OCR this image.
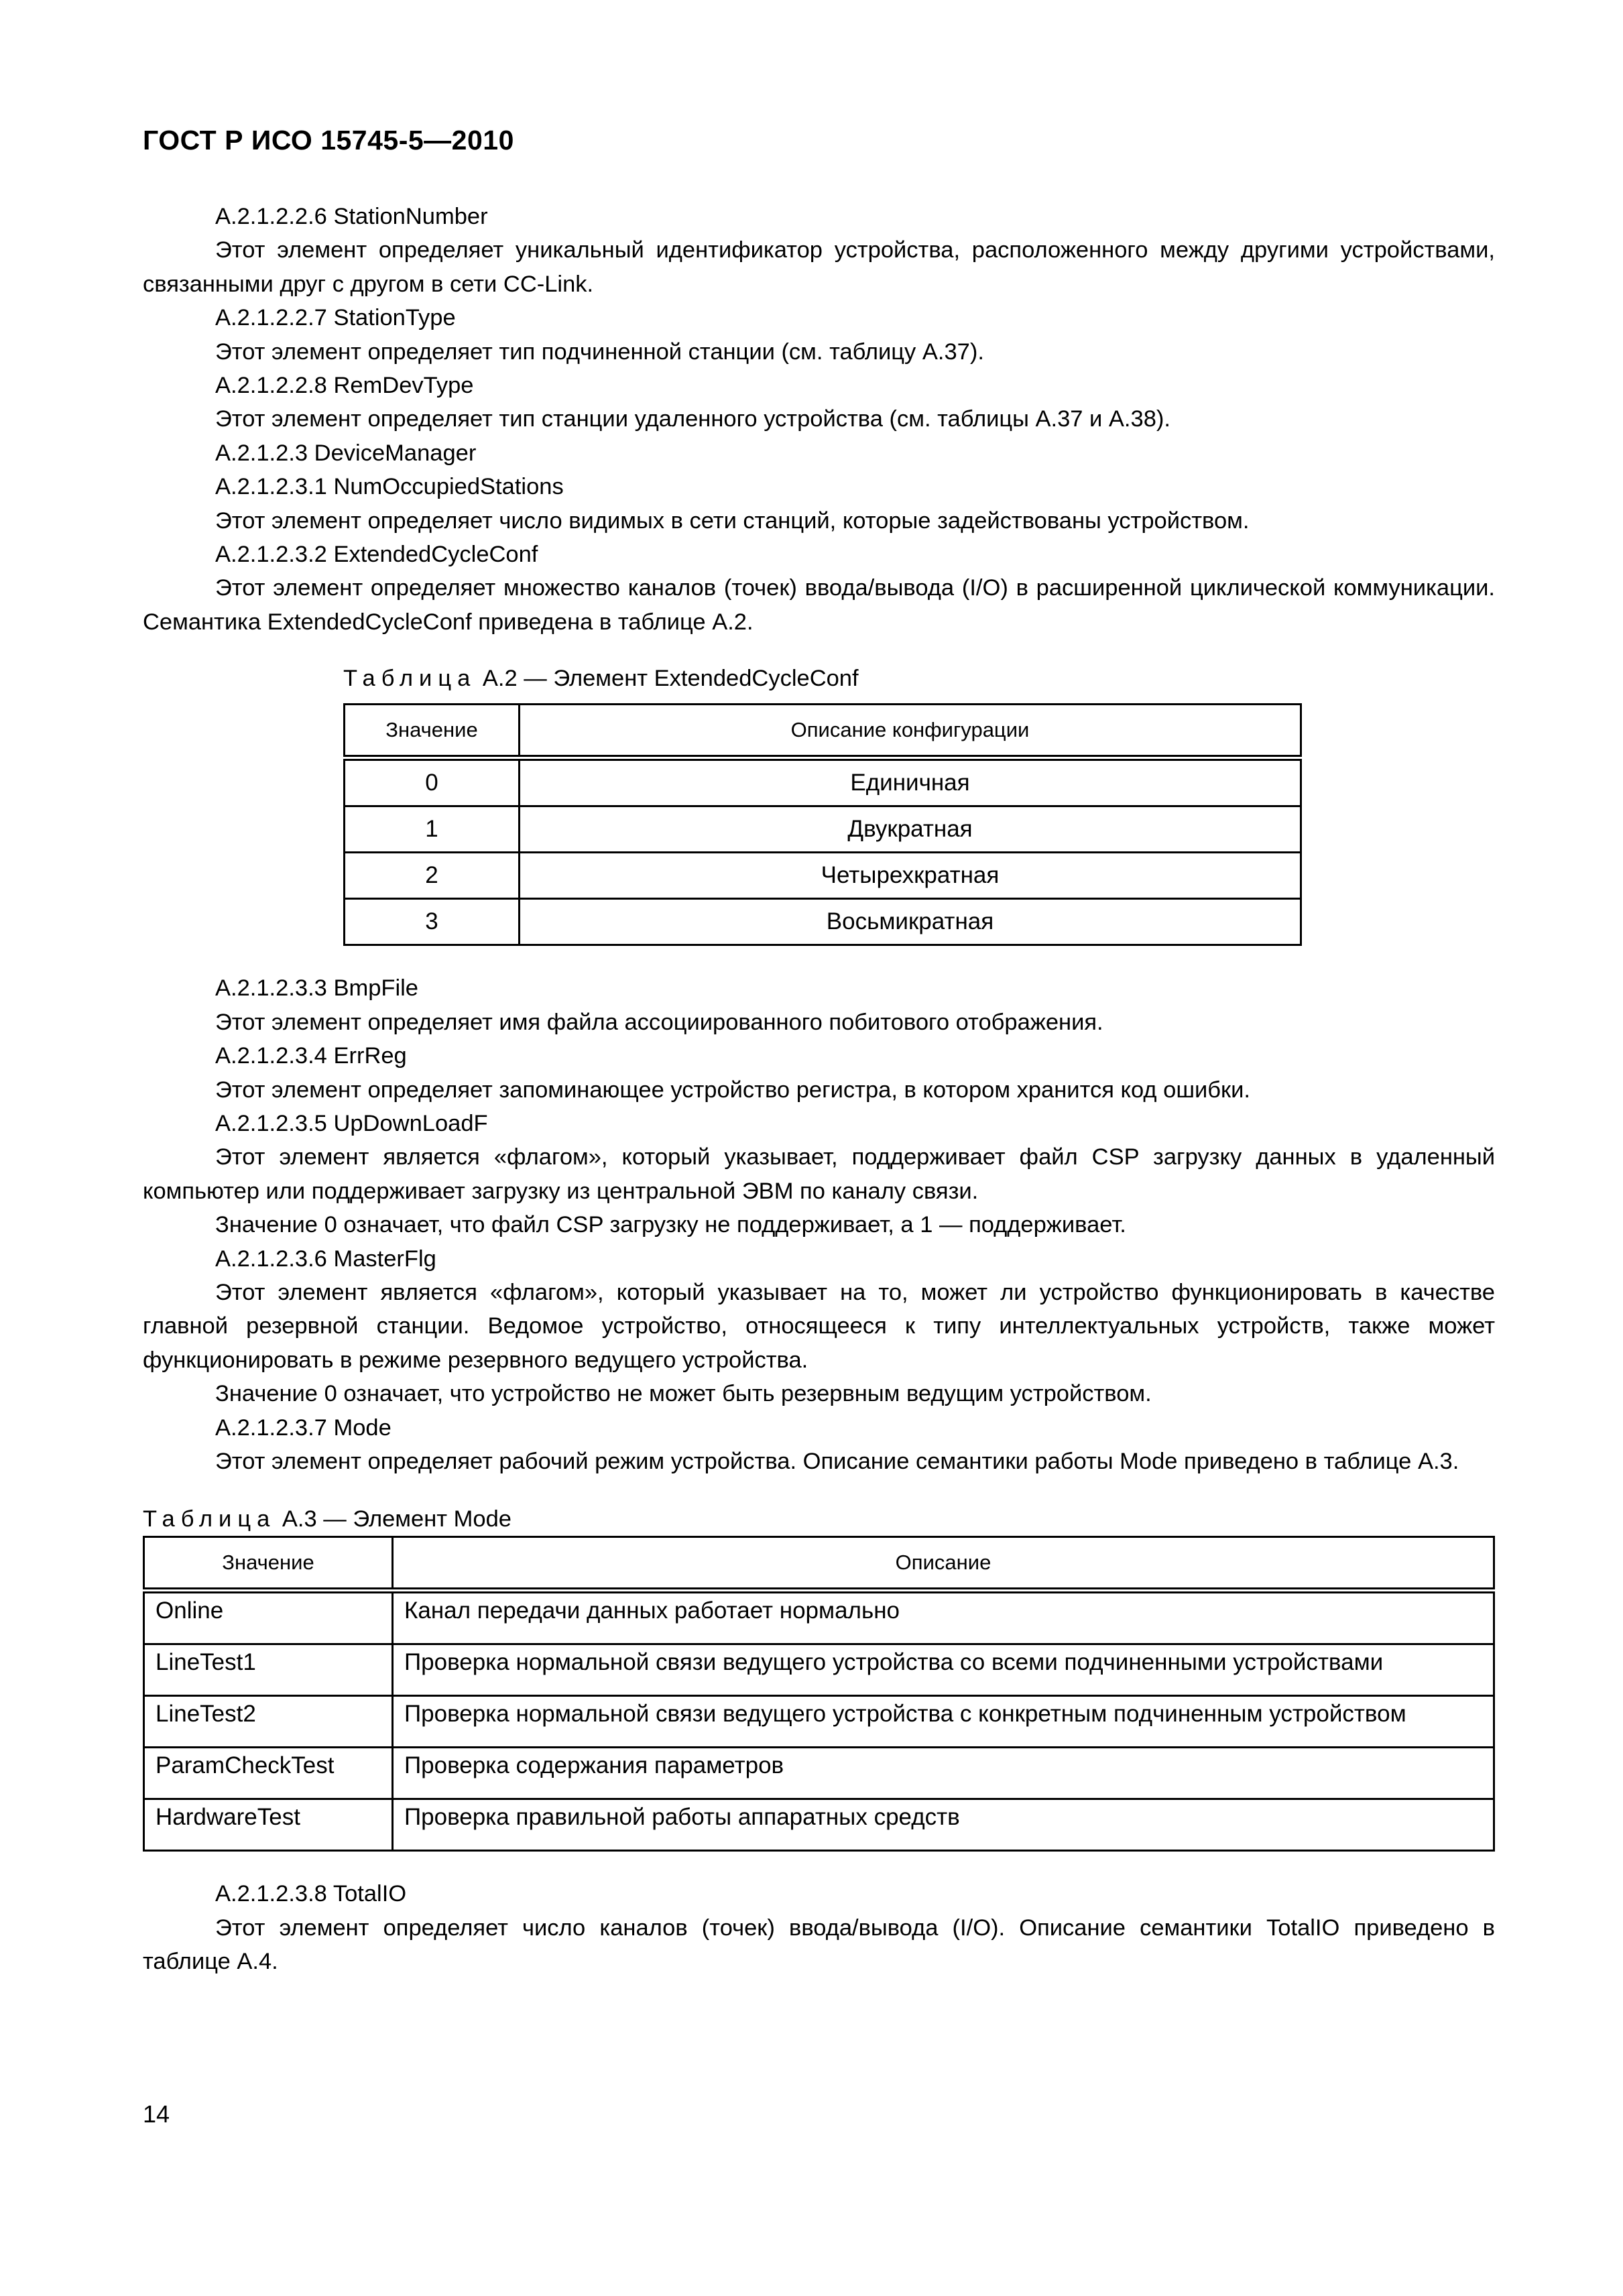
ГОСТ Р ИСО 15745-5—2010

A.2.1.2.2.6 StationNumber

Этот элемент определяет уникальный идентификатор устройства, расположенного между другими устройствами, связанными друг с другом в сети CC-Link.

A.2.1.2.2.7 StationType

Этот элемент определяет тип подчиненной станции (см. таблицу А.37).

A.2.1.2.2.8 RemDevType

Этот элемент определяет тип станции удаленного устройства (см. таблицы А.37 и А.38).

A.2.1.2.3 DeviceManager

A.2.1.2.3.1 NumOccupiedStations

Этот элемент определяет число видимых в сети станций, которые задействованы устройством.

A.2.1.2.3.2 ExtendedCycleConf

Этот элемент определяет множество каналов (точек) ввода/вывода (I/O) в расширенной циклической коммуникации. Семантика ExtendedCycleConf приведена в таблице А.2.

Таблица А.2 — Элемент ExtendedCycleConf

Значение	Описание конфигурации
0	Единичная
1	Двукратная
2	Четырехкратная
3	Восьмикратная

A.2.1.2.3.3 BmpFile

Этот элемент определяет имя файла ассоциированного побитового отображения.

A.2.1.2.3.4 ErrReg

Этот элемент определяет запоминающее устройство регистра, в котором хранится код ошибки.

A.2.1.2.3.5 UpDownLoadF

Этот элемент является «флагом», который указывает, поддерживает файл CSP загрузку данных в удаленный компьютер или поддерживает загрузку из центральной ЭВМ по каналу связи.

Значение 0 означает, что файл CSP загрузку не поддерживает, а 1 — поддерживает.

A.2.1.2.3.6 MasterFlg

Этот элемент является «флагом», который указывает на то, может ли устройство функционировать в качестве главной резервной станции. Ведомое устройство, относящееся к типу интеллектуальных устройств, также может функционировать в режиме резервного ведущего устройства.

Значение 0 означает, что устройство не может быть резервным ведущим устройством.

A.2.1.2.3.7 Mode

Этот элемент определяет рабочий режим устройства. Описание семантики работы Mode приведено в таблице А.3.

Таблица А.3 — Элемент Mode

Значение	Описание
Online	Канал передачи данных работает нормально
LineTest1	Проверка нормальной связи ведущего устройства со всеми подчиненными устройствами
LineTest2	Проверка нормальной связи ведущего устройства с конкретным подчиненным устройством
ParamCheckTest	Проверка содержания параметров
HardwareTest	Проверка правильной работы аппаратных средств

A.2.1.2.3.8 TotalIO

Этот элемент определяет число каналов (точек) ввода/вывода (I/O). Описание семантики TotalIO приведено в таблице А.4.

14
